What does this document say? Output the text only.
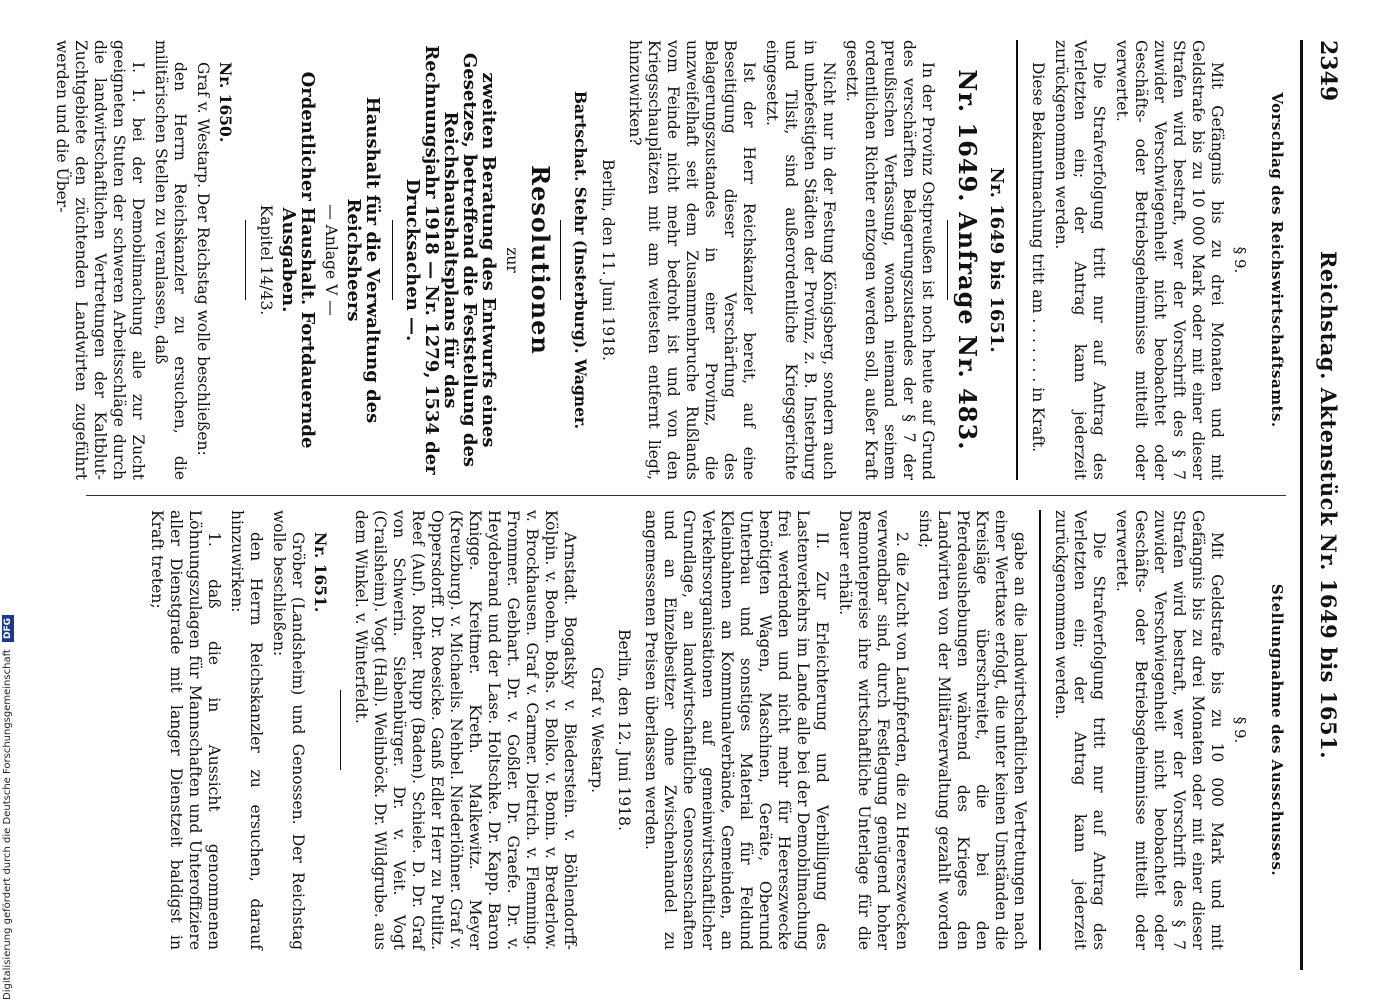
2349
Reichstag. Aktenstück Nr. 1649 bis 1651.
Vorschlag des Reichswirtschaftsamts.
§ 9.

Mit Gefängnis bis zu drei Monaten und mit Geldstrafe bis zu 10 000 Mark oder mit einer dieser Strafen wird bestraft, wer der Vorschrift des § 7 zuwider Verschwiegenheit nicht beobachtet oder Geschäfts- oder Betriebsgeheimnisse mitteilt oder verwertet.

Die Strafverfolgung tritt nur auf Antrag des Verletzten ein; der Antrag kann jederzeit zurückgenommen werden.

Diese Bekanntmachung tritt am . . . . . . . in Kraft.

Nr. 1649 bis 1651.

Nr. 1649. Anfrage Nr. 483.

In der Provinz Ostpreußen ist noch heute auf Grund des verschärften Belagerungszustandes der § 7 der preußischen Verfassung, wonach niemand seinem ordentlichen Richter entzogen werden soll, außer Kraft gesetzt.

Nicht nur in der Festung Königsberg, sondern auch in unbefestigten Städten der Provinz, z. B. Insterburg und Tilsit, sind außerordentliche Kriegsgerichte eingesetzt.

Ist der Herr Reichskanzler bereit, auf eine Beseitigung dieser Verschärfung des Belagerungszustandes in einer Provinz, die unzweifelhaft seit dem Zusammenbruche Rußlands vom Feinde nicht mehr bedroht ist und von den Kriegsschauplätzen mit am weitesten entfernt liegt, hinzuwirken?

Berlin, den 11. Juni 1918.

Bartschat. Stehr (Insterburg). Wagner.

Resolutionen

zur

zweiten Beratung des Entwurfs eines Gesetzes, betreffend die Feststellung des Reichshaushaltsplans für das Rechnungsjahr 1918 — Nr. 1279, 1534 der Drucksachen —.

Haushalt für die Verwaltung des Reichsheers

— Anlage V —

Ordentlicher Haushalt. Fortdauernde Ausgaben.

Kapitel 14/43.

Nr. 1650.

Graf v. Westarp. Der Reichstag wolle beschließen:

den Herrn Reichskanzler zu ersuchen, die militärischen Stellen zu veranlassen, daß

I. 1. bei der Demobilmachung alle zur Zucht geeigneten Stuten der schweren Arbeitsschläge durch die landwirtschaftlichen Vertretungen der Kaltblut-Zuchtgebiete den züchtenden Landwirten zugeführt werden und die Über-

Stellungnahme des Ausschusses.
§ 9.

Mit Geldstrafe bis zu 10 000 Mark und mit Gefängnis bis zu drei Monaten oder mit einer dieser Strafen wird bestraft, wer der Vorschrift des § 7 zuwider Verschwiegenheit nicht beobachtet oder Geschäfts- oder Betriebsgeheimnisse mitteilt oder verwertet.

Die Strafverfolgung tritt nur auf Antrag des Verletzten ein; der Antrag kann jederzeit zurückgenommen werden.

gabe an die landwirtschaftlichen Vertretungen nach einer Werttaxe erfolgt, die unter keinen Umständen die Kreisläge überschreitet, die bei den Pferdeaushebungen während des Krieges den Landwirten von der Militärverwaltung gezahlt worden sind;

2. die Zucht von Laufpferden, die zu Heereszwecken verwendbar sind, durch Festlegung genügend hoher Remontepreise ihre wirtschaftliche Unterlage für die Dauer erhält.

II. Zur Erleichterung und Verbilligung des Lastenverkehrs im Lande alle bei der Demobilmachung frei werdenden und nicht mehr für Heereszwecke benötigten Wagen, Maschinen, Geräte, Oberund Unterbau und sonstiges Material für Feldund Kleinbahnen an Kommunalverbände, Gemeinden, an Verkehrsorganisationen auf gemeinwirtschaftlicher Grundlage, an landwirtschaftliche Genossenschaften und an Einzelbesitzer ohne Zwischenhandel zu angemessenen Preisen überlassen werden.

Berlin, den 12. Juni 1918.

Graf v. Westarp.

Arnstadt. Bogatsky v. Biederstein. v. Böhlendorff-Kölpin. v. Boehn. Bohs. v. Bolko. v. Bonin. v. Brederlow. v. Brockhausen. Graf v. Carmer. Dietrich. v. Flemming. Frommer. Gebhart. Dr. v. Goßler. Dr. Graefe. Dr. v. Heydebrand und der Lase. Holtschke. Dr. Kapp. Baron Knigge. Kreitmer. Kreth. Malkewitz. Meyer (Kreuzburg). v. Michaelis. Nehbel. Niederlöhner. Graf v. Oppersdorff. Dr. Roesicke. Ganß Edler Herr zu Putlitz. Reef (Auf). Rother. Rupp (Baden). Schiele. D. Dr. Graf von Schwerin. Siebenbürger. Dr. v. Veit. Vogt (Crailsheim). Vogt (Hall). Weilnböck. Dr. Wildgrube. aus dem Winkel. v. Winterfeldt.

Nr. 1651.

Gröber (Landsheim) und Genossen. Der Reichstag wolle beschließen:

den Herrn Reichskanzler zu ersuchen, darauf hinzuwirken:

1. daß die in Aussicht genommenen Löhnungszulagen für Mannschaften und Unteroffiziere aller Dienstgrade mit langer Dienstzeit baldigst in Kraft treten;

Digitalisierung gefördert durch die Deutsche Forschungsgemeinschaft DFG
